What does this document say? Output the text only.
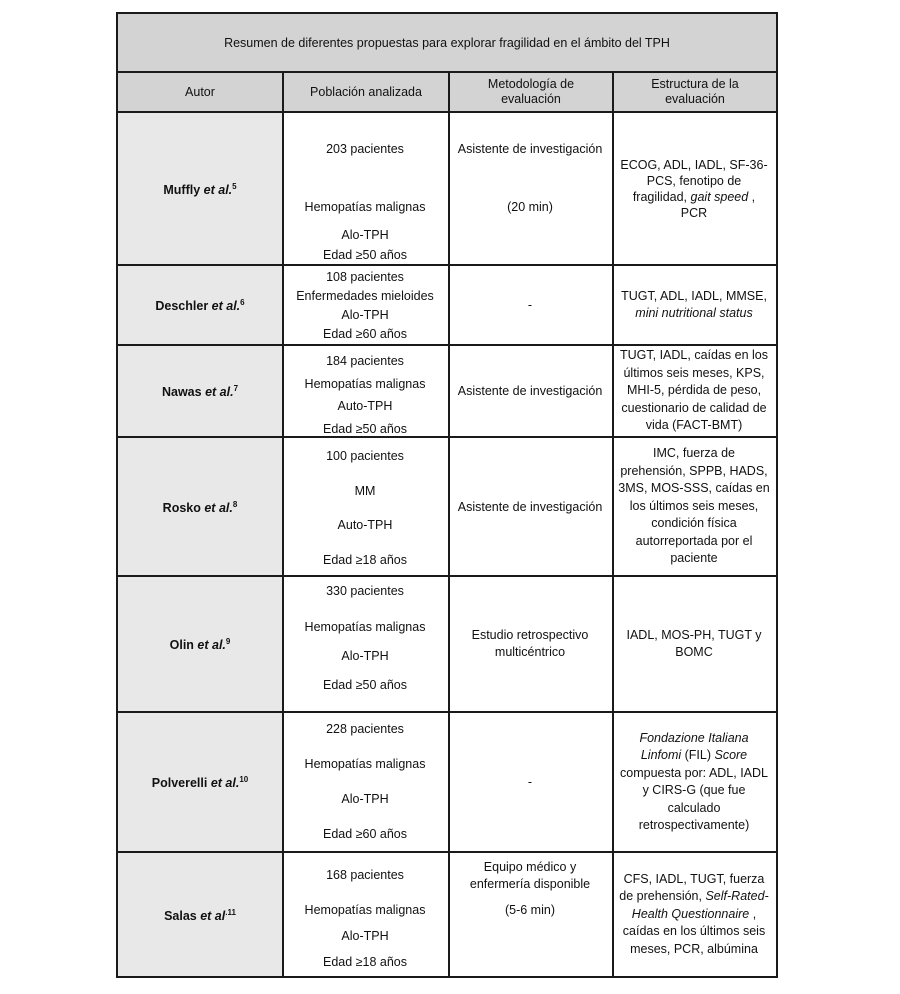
Resumen de diferentes propuestas para explorar fragilidad en el ámbito del TPH
Autor	Población analizada
Metodología de
evaluación
Estructura de la
evaluación
Muffly et al.$^5$
203 pacientes
Hemopatías malignas
Alo-TPH
Edad ≥50 años
Asistente de investigación
(20 min)
ECOG, ADL, IADL, SF-36-
PCS, fenotipo de
fragilidad, gait speed ,
PCR
Deschler et al.$^6$
108 pacientes
Enfermedades mieloides
Alo-TPH
Edad ≥60 años
-
TUGT, ADL, IADL, MMSE,
mini nutritional status
Nawas et al.$^7$
184 pacientes
Hemopatías malignas
Auto-TPH
Edad ≥50 años
Asistente de investigación
TUGT, IADL, caídas en los
últimos seis meses, KPS,
MHI-5, pérdida de peso,
cuestionario de calidad de
vida (FACT-BMT)
Rosko et al.$^8$
100 pacientes
MM
Auto-TPH
Edad ≥18 años
Asistente de investigación
IMC, fuerza de
prehensión, SPPB, HADS,
3MS, MOS-SSS, caídas en
los últimos seis meses,
condición física
autorreportada por el
paciente
Olin et al.$^9$
330 pacientes
Hemopatías malignas
Alo-TPH
Edad ≥50 años
Estudio retrospectivo
multicéntrico
IADL, MOS-PH, TUGT y
BOMC
Polverelli et al.$^{10}$
228 pacientes
Hemopatías malignas
Alo-TPH
Edad ≥60 años
-
Fondazione Italiana
Linfomi (FIL) Score
compuesta por: ADL, IADL
y CIRS-G (que fue
calculado
retrospectivamente)
Salas et $al^{.11}$
168 pacientes
Hemopatías malignas
Alo-TPH
Edad ≥18 años
Equipo médico y
enfermería disponible
(5-6 min)
CFS, IADL, TUGT, fuerza
de prehensión, Self-Rated-
Health Questionnaire ,
caídas en los últimos seis
meses, PCR, albúmina
